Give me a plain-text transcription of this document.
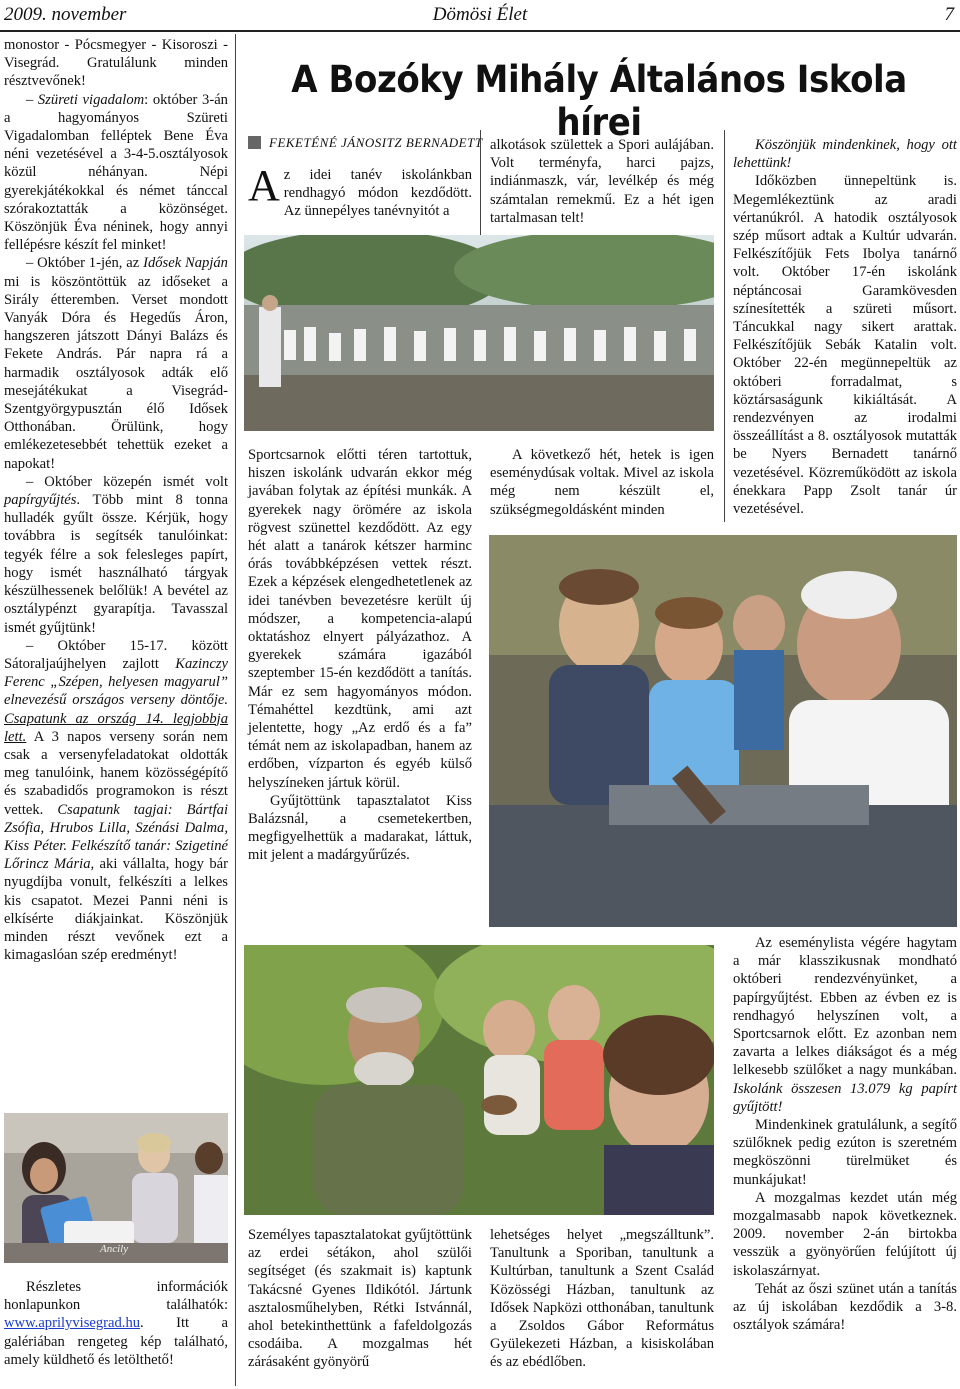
2009. november	Dömösi Élet	7
A Bozóky Mihály Általános Iskola hírei
FEKETÉNÉ JÁNOSITZ BERNADETT

monostor - Pócsmegyer - Kisoroszi - Visegrád. Gratulálunk minden résztvevőnek!

– Szüreti vigadalom: október 3-án a hagyományos Szüreti Vigadalomban felléptek Bene Éva néni vezetésével a 3-4-5.osztályosok közül néhányan. Népi gyerekjátékokkal és német tánccal szórakoztatták a közönséget. Köszönjük Éva néninek, hogy annyi fellépésre készít fel minket!

– Október 1-jén, az Idősek Napján mi is köszöntöttük az időseket a Sirály étteremben. Verset mondott Vanyák Dóra és Hegedűs Áron, hangszeren játszott Dányi Balázs és Fekete András. Pár napra rá a harmadik osztályosok adták elő mesejátékukat a Visegrád-Szentgyörgypusztán élő Idősek Otthonában. Örülünk, hogy emlékezetesebbét tehettük ezeket a napokat!

– Október közepén ismét volt papírgyűjtés. Több mint 8 tonna hulladék gyűlt össze. Kérjük, hogy továbbra is segítsék tanulóinkat: tegyék félre a sok felesleges papírt, hogy ismét használható tárgyak készülhessenek belőlük! A bevétel az osztálypénzt gyarapítja. Tavasszal ismét gyűjtünk!

– Október 15-17. között Sátoraljaújhelyen zajlott Kazinczy Ferenc „Szépen, helyesen magyarul” elnevezésű országos verseny döntője. Csapatunk az ország 14. legjobbja lett. A 3 napos verseny során nem csak a versenyfeladatokat oldották meg tanulóink, hanem közösségépítő és szabadidős programokon is részt vettek. Csapatunk tagjai: Bártfai Zsófia, Hrubos Lilla, Szénási Dalma, Kiss Péter. Felkészítő tanár: Szigetiné Lőrincz Mária, aki vállalta, hogy bár nyugdíjba vonult, felkészíti a lelkes kis csapatot. Mezei Panni néni is elkísérte diákjainkat. Köszönjük minden részt vevőnek ezt a kimagaslóan szép eredményt!

Ancily

Részletes információk honlapunkon találhatók: www.aprilyvisegrad.hu. Itt a galériában rengeteg kép található, amely küldhető és letölthető!

Az idei tanév iskolánkban rendhagyó módon kezdődött. Az ünnepélyes tanévnyitót a

Sportcsarnok előtti téren tartottuk, hiszen iskolánk udvarán ekkor még javában folytak az építési munkák. A gyerekek nagy örömére az iskola rögvest szünettel kezdődött. Az egy hét alatt a tanárok kétszer harminc órás továbbképzésen vettek részt. Ezek a képzések elengedhetetlenek az idei tanévben bevezetésre került új módszer, a kompetencia-alapú oktatáshoz elnyert pályázathoz. A gyerekek számára igazából szeptember 15-én kezdődött a tanítás. Már ez sem hagyományos módon. Témahéttel kezdtünk, ami azt jelentette, hogy „Az erdő és a fa” témát nem az iskolapadban, hanem az erdőben, vízparton és egyéb külső helyszíneken jártuk körül.

Gyűjtöttünk tapasztalatot Kiss Balázsnál, a csemetekertben, megfigyelhettük a madarakat, láttuk, mit jelent a madárgyűrűzés.

Személyes tapasztalatokat gyűjtöttünk az erdei sétákon, ahol szülői segítséget (és szakmait is) kaptunk Takácsné Gyenes Ildikótól. Jártunk asztalosműhelyben, Rétki Istvánnál, ahol betekinthettünk a fafeldolgozás csodáiba. A mozgalmas hét zárásaként gyönyörű

alkotások születtek a Spori aulájában. Volt terményfa, harci pajzs, indiánmaszk, vár, levélkép és még számtalan remekmű. Ez a hét igen tartalmasan telt!

A következő hét, hetek is igen eseménydúsak voltak. Mivel az iskola még nem készült el, szükségmegoldásként minden

lehetséges helyet „megszálltunk”. Tanultunk a Sporiban, tanultunk a Kultúrban, tanultunk a Szent Család Közösségi Házban, tanultunk az Idősek Napközi otthonában, tanultunk a Zsoldos Gábor Református Gyülekezeti Házban, a kisiskolában és az ebédlőben.

Köszönjük mindenkinek, hogy ott lehettünk!

Időközben ünnepeltünk is. Megemlékeztünk az aradi vértanúkról. A hatodik osztályosok szép műsort adtak a Kultúr udvarán. Felkészítőjük Fets Ibolya tanárnő volt. Október 17-én iskolánk néptáncosai Garamkövesden színesítették a szüreti műsort. Táncukkal nagy sikert arattak. Felkészítőjük Sebák Katalin volt. Október 22-én megünnepeltük az októberi forradalmat, s köztársaságunk kikiáltását. A rendezvényen az irodalmi összeállítást a 8. osztályosok mutatták be Nyers Bernadett tanárnő vezetésével. Közreműködött az iskola énekkara Papp Zsolt tanár úr vezetésével.

Az eseménylista végére hagytam a már klasszikusnak mondható októberi rendezvényünket, a papírgyűjtést. Ebben az évben ez is rendhagyó helyszínen volt, a Sportcsarnok előtt. Ez azonban nem zavarta a lelkes diákságot és a még lelkesebb szülőket a nagy munkában. Iskolánk összesen 13.079 kg papírt gyűjtött!

Mindenkinek gratulálunk, a segítő szülőknek pedig ezúton is szeretném megköszönni türelmüket és munkájukat!

A mozgalmas kezdet után még mozgalmasabb napok következnek. 2009. november 2-án birtokba vesszük a gyönyörűen felújított új iskolaszárnyat.

Tehát az őszi szünet után a tanítás az új iskolában kezdődik a 3-8. osztályok számára!
